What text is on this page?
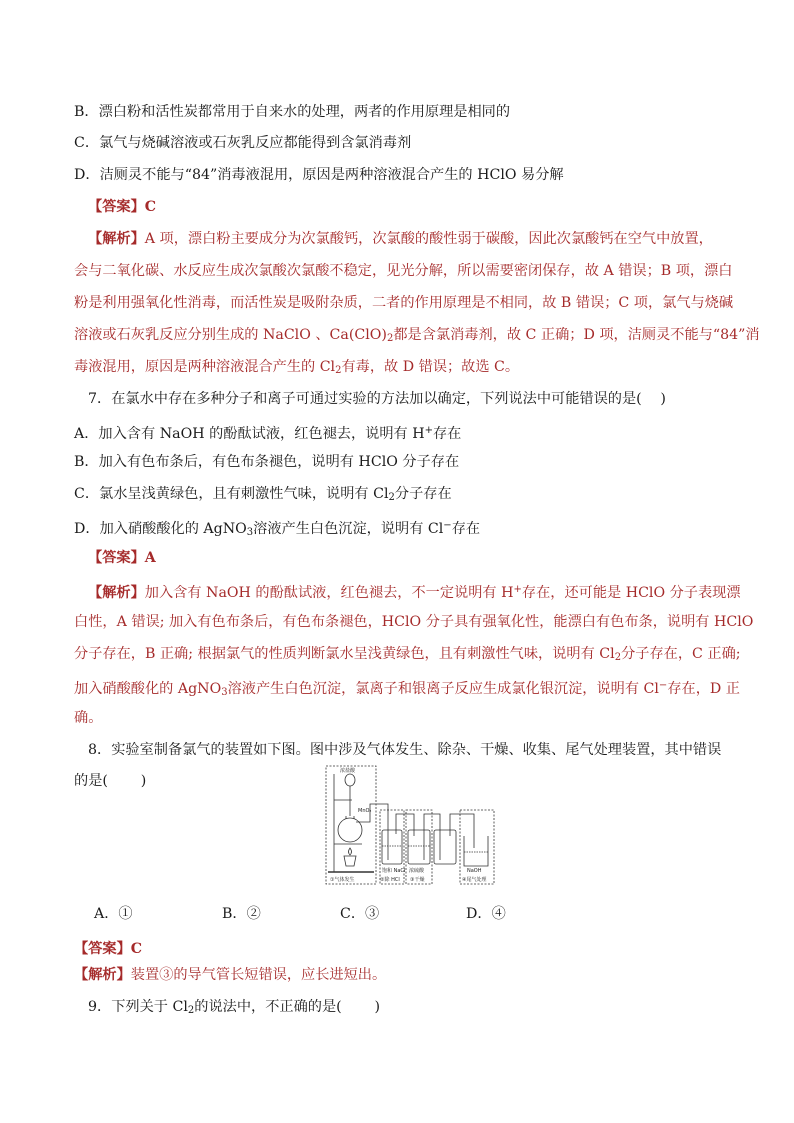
B．漂白粉和活性炭都常用于自来水的处理，两者的作用原理是相同的
C．氯气与烧碱溶液或石灰乳反应都能得到含氯消毒剂
D．洁厕灵不能与“84”消毒液混用，原因是两种溶液混合产生的 HClO 易分解
【答案】C
【解析】A 项，漂白粉主要成分为次氯酸钙，次氯酸的酸性弱于碳酸，因此次氯酸钙在空气中放置，
会与二氧化碳、水反应生成次氯酸次氯酸不稳定，见光分解，所以需要密闭保存，故 A 错误；B 项，漂白
粉是利用强氧化性消毒，而活性炭是吸附杂质，二者的作用原理是不相同，故 B 错误；C 项，氯气与烧碱
溶液或石灰乳反应分别生成的 NaClO 、$Ca(ClO)_2$都是含氯消毒剂，故 C 正确；D 项，洁厕灵不能与“84”消
毒液混用，原因是两种溶液混合产生的 $Cl_2$有毒，故 D 错误；故选 C。
7．在氯水中存在多种分子和离子可通过实验的方法加以确定，下列说法中可能错误的是(　 )
A．加入含有 NaOH 的酚酞试液，红色褪去，说明有 H+存在
B．加入有色布条后，有色布条褪色，说明有 HClO 分子存在
C．氯水呈浅黄绿色，且有刺激性气味，说明有 $Cl_2$分子存在
D．加入硝酸酸化的 AgNO$_3$溶液产生白色沉淀，说明有 Cl−存在
【答案】A
【解析】加入含有 NaOH 的酚酞试液，红色褪去，不一定说明有 H+存在，还可能是 HClO 分子表现漂
白性，A 错误; 加入有色布条后，有色布条褪色，HClO 分子具有强氧化性，能漂白有色布条，说明有 HClO
分子存在，B 正确; 根据氯气的性质判断氯水呈浅黄绿色，且有刺激性气味，说明有 $Cl_2$分子存在，C 正确;
加入硝酸酸化的 AgNO$_3$溶液产生白色沉淀，氯离子和银离子反应生成氯化银沉淀，说明有 Cl−存在，D 正
确。
8．实验室制备氯气的装置如下图。图中涉及气体发生、除杂、干燥、收集、尾气处理装置，其中错误
的是(　 　)
浓盐酸
MnO₂
饱和 NaCl 浓硫酸	NaOH
①气体发生	②除 HCl ③干燥	④尾气处理
A．①	B．②	C．③	D．④
【答案】C
【解析】装置③的导气管长短错误，应长进短出。
9．下列关于 $Cl_2$的说法中，不正确的是(　 　)
